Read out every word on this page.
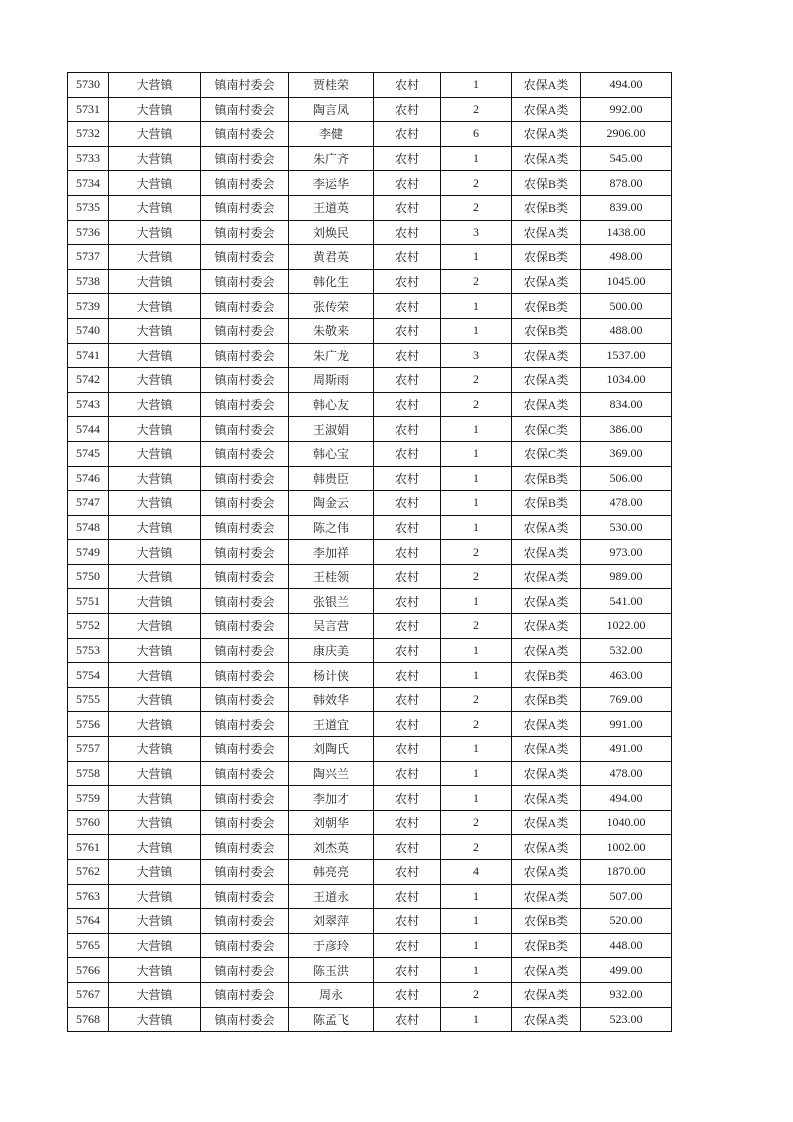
5730	大营镇	镇南村委会	贾桂荣	农村	1	农保A类	494.00
5731	大营镇	镇南村委会	陶言凤	农村	2	农保A类	992.00
5732	大营镇	镇南村委会	李健	农村	6	农保A类	2906.00
5733	大营镇	镇南村委会	朱广齐	农村	1	农保A类	545.00
5734	大营镇	镇南村委会	李运华	农村	2	农保B类	878.00
5735	大营镇	镇南村委会	王道英	农村	2	农保B类	839.00
5736	大营镇	镇南村委会	刘焕民	农村	3	农保A类	1438.00
5737	大营镇	镇南村委会	黄君英	农村	1	农保B类	498.00
5738	大营镇	镇南村委会	韩化生	农村	2	农保A类	1045.00
5739	大营镇	镇南村委会	张传荣	农村	1	农保B类	500.00
5740	大营镇	镇南村委会	朱敬来	农村	1	农保B类	488.00
5741	大营镇	镇南村委会	朱广龙	农村	3	农保A类	1537.00
5742	大营镇	镇南村委会	周斯雨	农村	2	农保A类	1034.00
5743	大营镇	镇南村委会	韩心友	农村	2	农保A类	834.00
5744	大营镇	镇南村委会	王淑娟	农村	1	农保C类	386.00
5745	大营镇	镇南村委会	韩心宝	农村	1	农保C类	369.00
5746	大营镇	镇南村委会	韩贵臣	农村	1	农保B类	506.00
5747	大营镇	镇南村委会	陶金云	农村	1	农保B类	478.00
5748	大营镇	镇南村委会	陈之伟	农村	1	农保A类	530.00
5749	大营镇	镇南村委会	李加祥	农村	2	农保A类	973.00
5750	大营镇	镇南村委会	王桂领	农村	2	农保A类	989.00
5751	大营镇	镇南村委会	张银兰	农村	1	农保A类	541.00
5752	大营镇	镇南村委会	吴言营	农村	2	农保A类	1022.00
5753	大营镇	镇南村委会	康庆美	农村	1	农保A类	532.00
5754	大营镇	镇南村委会	杨计侠	农村	1	农保B类	463.00
5755	大营镇	镇南村委会	韩效华	农村	2	农保B类	769.00
5756	大营镇	镇南村委会	王道宜	农村	2	农保A类	991.00
5757	大营镇	镇南村委会	刘陶氏	农村	1	农保A类	491.00
5758	大营镇	镇南村委会	陶兴兰	农村	1	农保A类	478.00
5759	大营镇	镇南村委会	李加才	农村	1	农保A类	494.00
5760	大营镇	镇南村委会	刘朝华	农村	2	农保A类	1040.00
5761	大营镇	镇南村委会	刘杰英	农村	2	农保A类	1002.00
5762	大营镇	镇南村委会	韩亮亮	农村	4	农保A类	1870.00
5763	大营镇	镇南村委会	王道永	农村	1	农保A类	507.00
5764	大营镇	镇南村委会	刘翠萍	农村	1	农保B类	520.00
5765	大营镇	镇南村委会	于彦玲	农村	1	农保B类	448.00
5766	大营镇	镇南村委会	陈玉洪	农村	1	农保A类	499.00
5767	大营镇	镇南村委会	周永	农村	2	农保A类	932.00
5768	大营镇	镇南村委会	陈孟飞	农村	1	农保A类	523.00
